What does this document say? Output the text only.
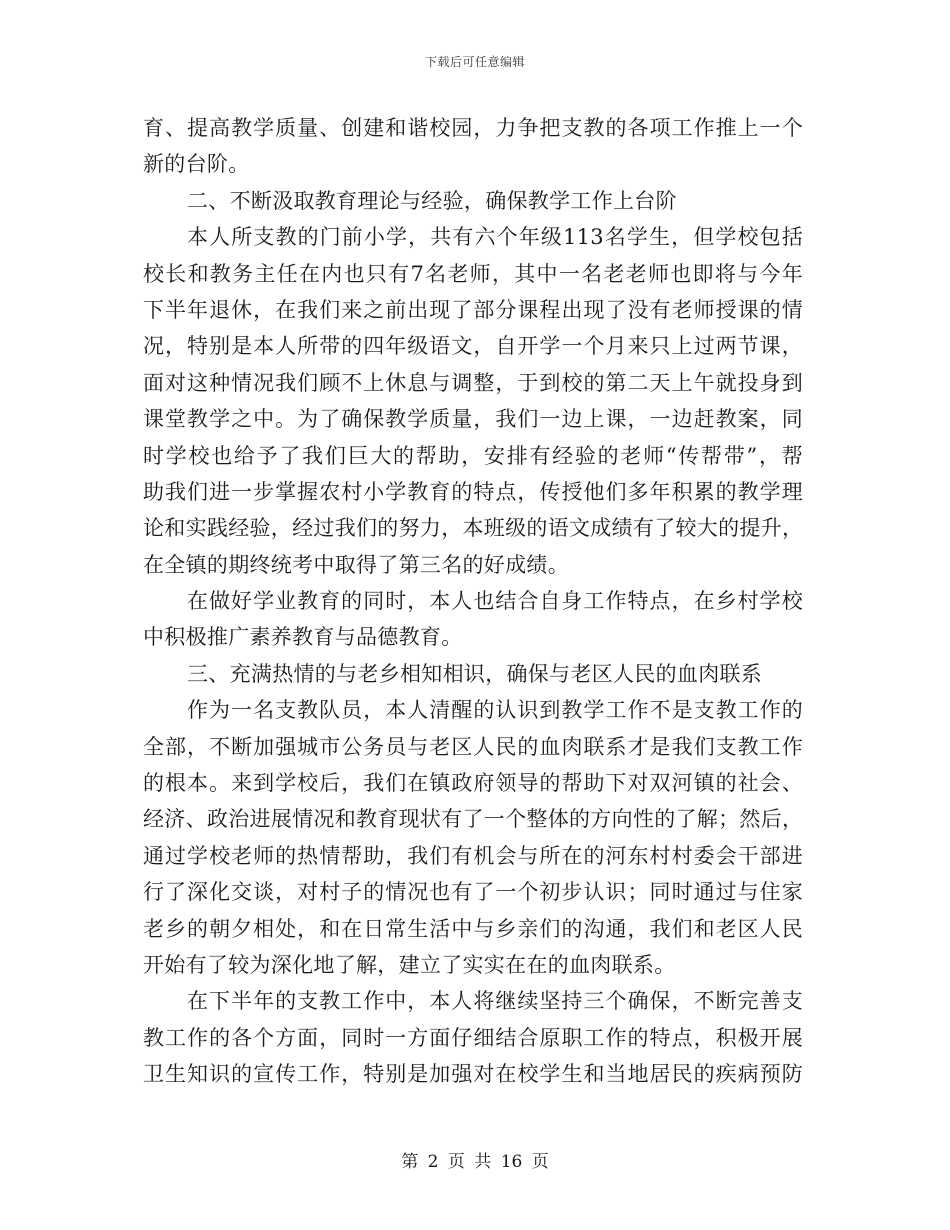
下载后可任意编辑
育、提高教学质量、创建和谐校园，力争把支教的各项工作推上一个
新的台阶。
二、不断汲取教育理论与经验，确保教学工作上台阶
本人所支教的门前小学，共有六个年级113名学生，但学校包括
校长和教务主任在内也只有7名老师，其中一名老老师也即将与今年
下半年退休，在我们来之前出现了部分课程出现了没有老师授课的情
况，特别是本人所带的四年级语文，自开学一个月来只上过两节课，
面对这种情况我们顾不上休息与调整，于到校的第二天上午就投身到
课堂教学之中。为了确保教学质量，我们一边上课，一边赶教案，同
时学校也给予了我们巨大的帮助，安排有经验的老师“传帮带”，帮
助我们进一步掌握农村小学教育的特点，传授他们多年积累的教学理
论和实践经验，经过我们的努力，本班级的语文成绩有了较大的提升，
在全镇的期终统考中取得了第三名的好成绩。
在做好学业教育的同时，本人也结合自身工作特点，在乡村学校
中积极推广素养教育与品德教育。
三、充满热情的与老乡相知相识，确保与老区人民的血肉联系
作为一名支教队员，本人清醒的认识到教学工作不是支教工作的
全部，不断加强城市公务员与老区人民的血肉联系才是我们支教工作
的根本。来到学校后，我们在镇政府领导的帮助下对双河镇的社会、
经济、政治进展情况和教育现状有了一个整体的方向性的了解；然后，
通过学校老师的热情帮助，我们有机会与所在的河东村村委会干部进
行了深化交谈，对村子的情况也有了一个初步认识；同时通过与住家
老乡的朝夕相处，和在日常生活中与乡亲们的沟通，我们和老区人民
开始有了较为深化地了解，建立了实实在在的血肉联系。
在下半年的支教工作中，本人将继续坚持三个确保，不断完善支
教工作的各个方面，同时一方面仔细结合原职工作的特点，积极开展
卫生知识的宣传工作，特别是加强对在校学生和当地居民的疾病预防
第 2 页 共 16 页
